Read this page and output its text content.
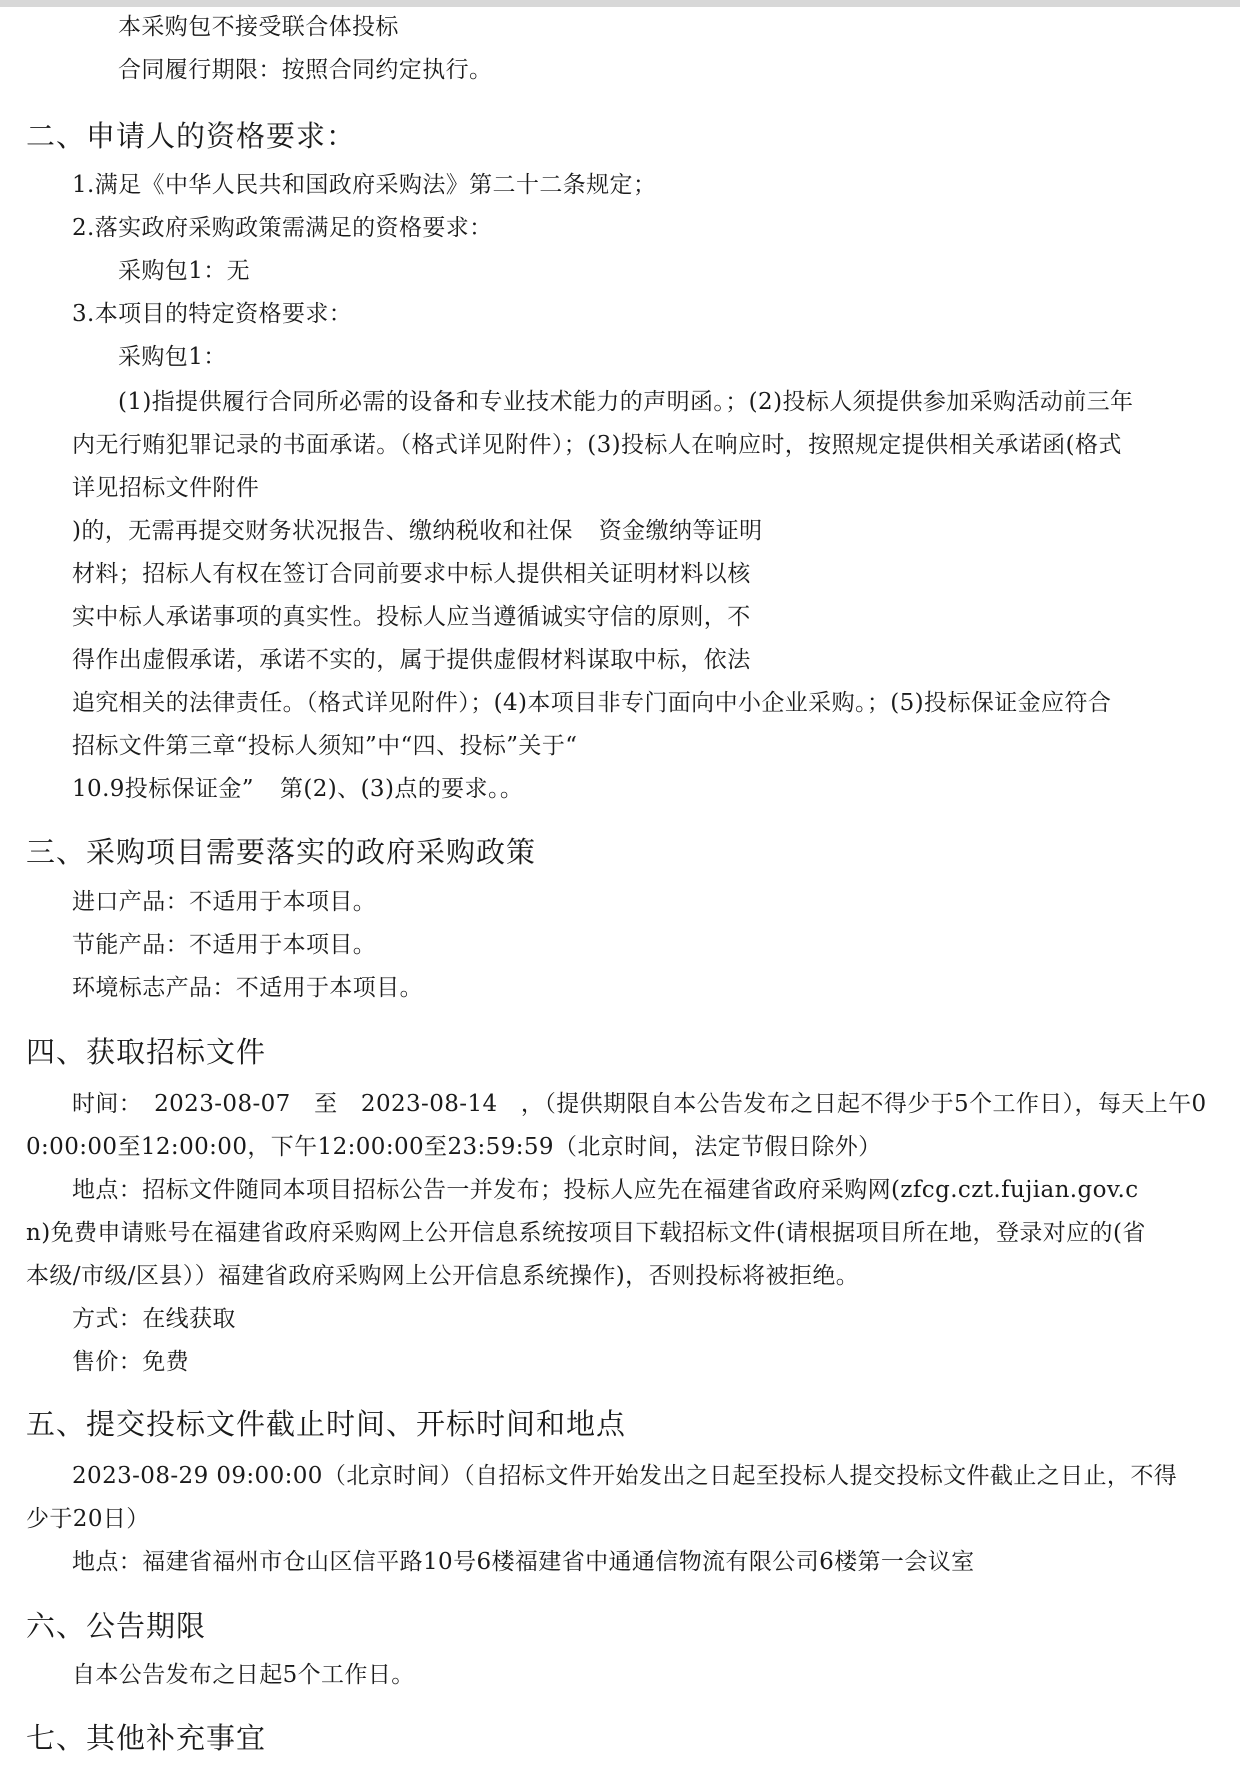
本采购包不接受联合体投标
合同履行期限：按照合同约定执行。
二、申请人的资格要求：
1.满足《中华人民共和国政府采购法》第二十二条规定；
2.落实政府采购政策需满足的资格要求：
采购包1：无
3.本项目的特定资格要求：
采购包1：
(1)指提供履行合同所必需的设备和专业技术能力的声明函。；(2)投标人须提供参加采购活动前三年
内无行贿犯罪记录的书面承诺。（格式详见附件）；(3)投标人在响应时，按照规定提供相关承诺函(格式
详见招标文件附件
)的，无需再提交财务状况报告、缴纳税收和社保 资金缴纳等证明
材料；招标人有权在签订合同前要求中标人提供相关证明材料以核
实中标人承诺事项的真实性。投标人应当遵循诚实守信的原则，不
得作出虚假承诺，承诺不实的，属于提供虚假材料谋取中标，依法
追究相关的法律责任。（格式详见附件）；(4)本项目非专门面向中小企业采购。；(5)投标保证金应符合
招标文件第三章“投标人须知”中“四、投标”关于“
10.9投标保证金” 第(2)、(3)点的要求。。
三、采购项目需要落实的政府采购政策
进口产品：不适用于本项目。
节能产品：不适用于本项目。
环境标志产品：不适用于本项目。
四、获取招标文件
时间：　2023-08-07　至　2023-08-14　，（提供期限自本公告发布之日起不得少于5个工作日），每天上午0
0:00:00至12:00:00，下午12:00:00至23:59:59（北京时间，法定节假日除外）
地点：招标文件随同本项目招标公告一并发布；投标人应先在福建省政府采购网(zfcg.czt.fujian.gov.c
n)免费申请账号在福建省政府采购网上公开信息系统按项目下载招标文件(请根据项目所在地，登录对应的(省
本级/市级/区县））福建省政府采购网上公开信息系统操作)，否则投标将被拒绝。
方式：在线获取
售价：免费
五、提交投标文件截止时间、开标时间和地点
2023-08-29 09:00:00（北京时间）（自招标文件开始发出之日起至投标人提交投标文件截止之日止，不得
少于20日）
地点：福建省福州市仓山区信平路10号6楼福建省中通通信物流有限公司6楼第一会议室
六、公告期限
自本公告发布之日起5个工作日。
七、其他补充事宜
